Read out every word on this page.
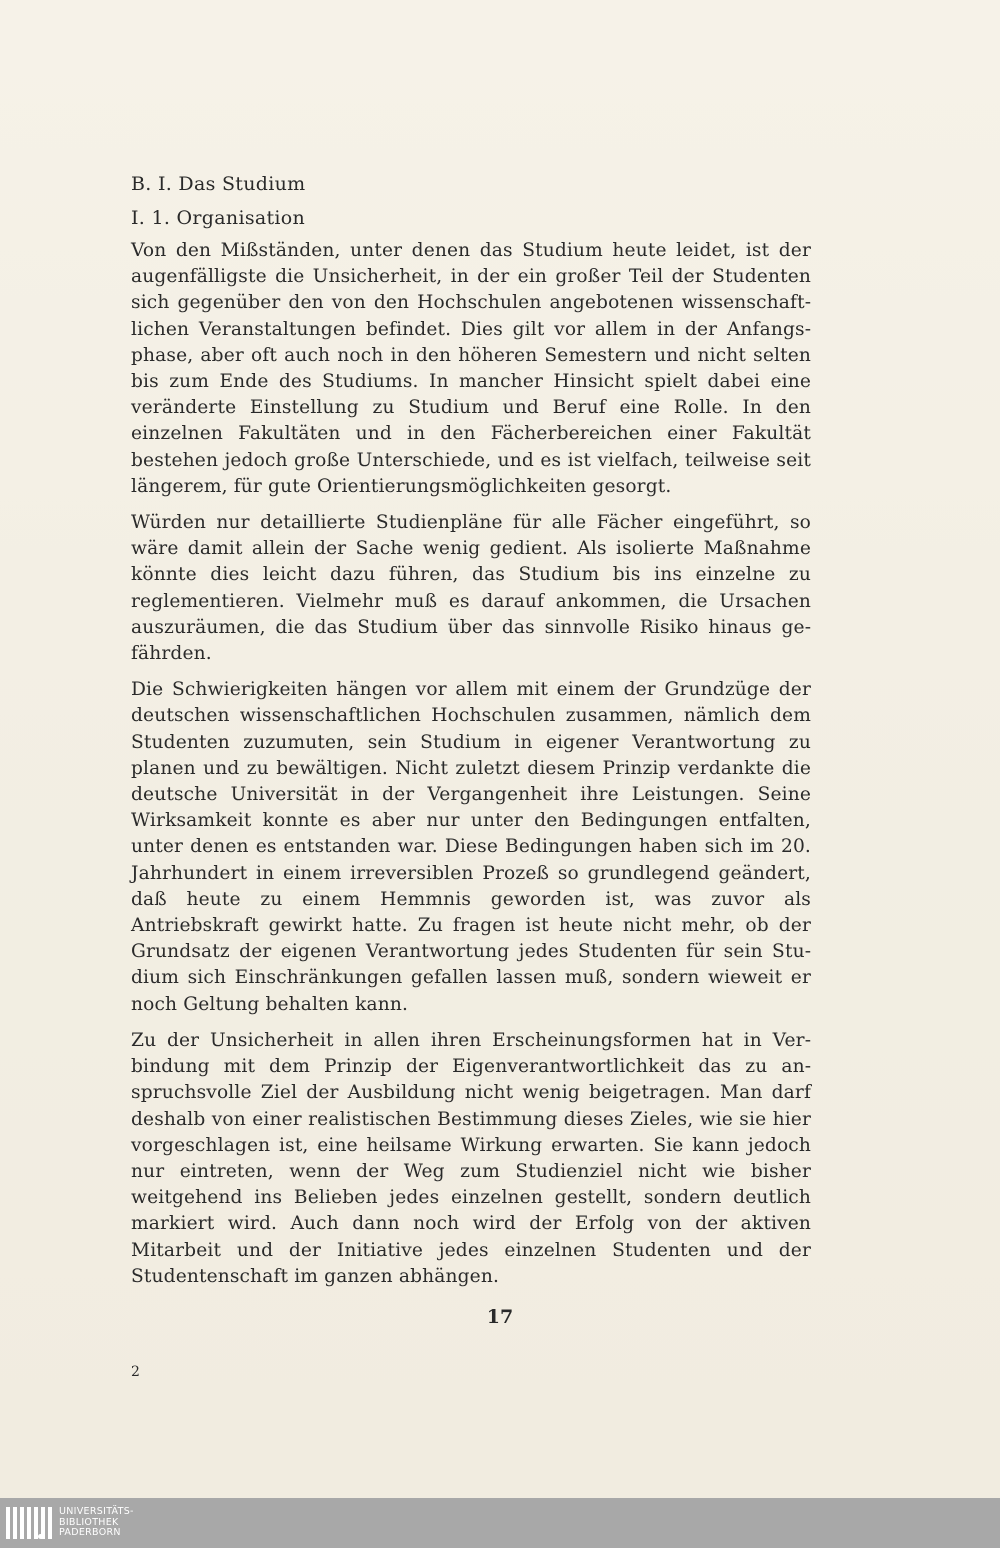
B. I. Das Studium
I. 1. Organisation

Von den Mißständen, unter denen das Studium heute leidet, ist der augenfälligste die Unsicherheit, in der ein großer Teil der Studenten sich gegenüber den von den Hochschulen angebotenen wissenschaftlichen Veranstaltungen befindet. Dies gilt vor allem in der Anfangsphase, aber oft auch noch in den höheren Semestern und nicht selten bis zum Ende des Studiums. In mancher Hinsicht spielt dabei eine veränderte Einstellung zu Studium und Beruf eine Rolle. In den einzelnen Fakultäten und in den Fächerbereichen einer Fakultät bestehen jedoch große Unterschiede, und es ist vielfach, teilweise seit längerem, für gute Orientierungsmöglichkeiten gesorgt.

Würden nur detaillierte Studienpläne für alle Fächer eingeführt, so wäre damit allein der Sache wenig gedient. Als isolierte Maßnahme könnte dies leicht dazu führen, das Studium bis ins einzelne zu reglementieren. Vielmehr muß es darauf ankommen, die Ursachen auszuräumen, die das Studium über das sinnvolle Risiko hinaus gefährden.

Die Schwierigkeiten hängen vor allem mit einem der Grundzüge der deutschen wissenschaftlichen Hochschulen zusammen, nämlich dem Studenten zuzumuten, sein Studium in eigener Verantwortung zu planen und zu bewältigen. Nicht zuletzt diesem Prinzip verdankte die deutsche Universität in der Vergangenheit ihre Leistungen. Seine Wirksamkeit konnte es aber nur unter den Bedingungen entfalten, unter denen es entstanden war. Diese Bedingungen haben sich im 20. Jahrhundert in einem irreversiblen Prozeß so grundlegend geändert, daß heute zu einem Hemmnis geworden ist, was zuvor als Antriebskraft gewirkt hatte. Zu fragen ist heute nicht mehr, ob der Grundsatz der eigenen Verantwortung jedes Studenten für sein Studium sich Einschränkungen gefallen lassen muß, sondern wieweit er noch Geltung behalten kann.

Zu der Unsicherheit in allen ihren Erscheinungsformen hat in Verbindung mit dem Prinzip der Eigenverantwortlichkeit das zu anspruchsvolle Ziel der Ausbildung nicht wenig beigetragen. Man darf deshalb von einer realistischen Bestimmung dieses Zieles, wie sie hier vorgeschlagen ist, eine heilsame Wirkung erwarten. Sie kann jedoch nur eintreten, wenn der Weg zum Studienziel nicht wie bisher weitgehend ins Belieben jedes einzelnen gestellt, sondern deutlich markiert wird. Auch dann noch wird der Erfolg von der aktiven Mitarbeit und der Initiative jedes einzelnen Studenten und der Studentenschaft im ganzen abhängen.

17
2
UNIVERSITÄTS-
BIBLIOTHEK
PADERBORN
